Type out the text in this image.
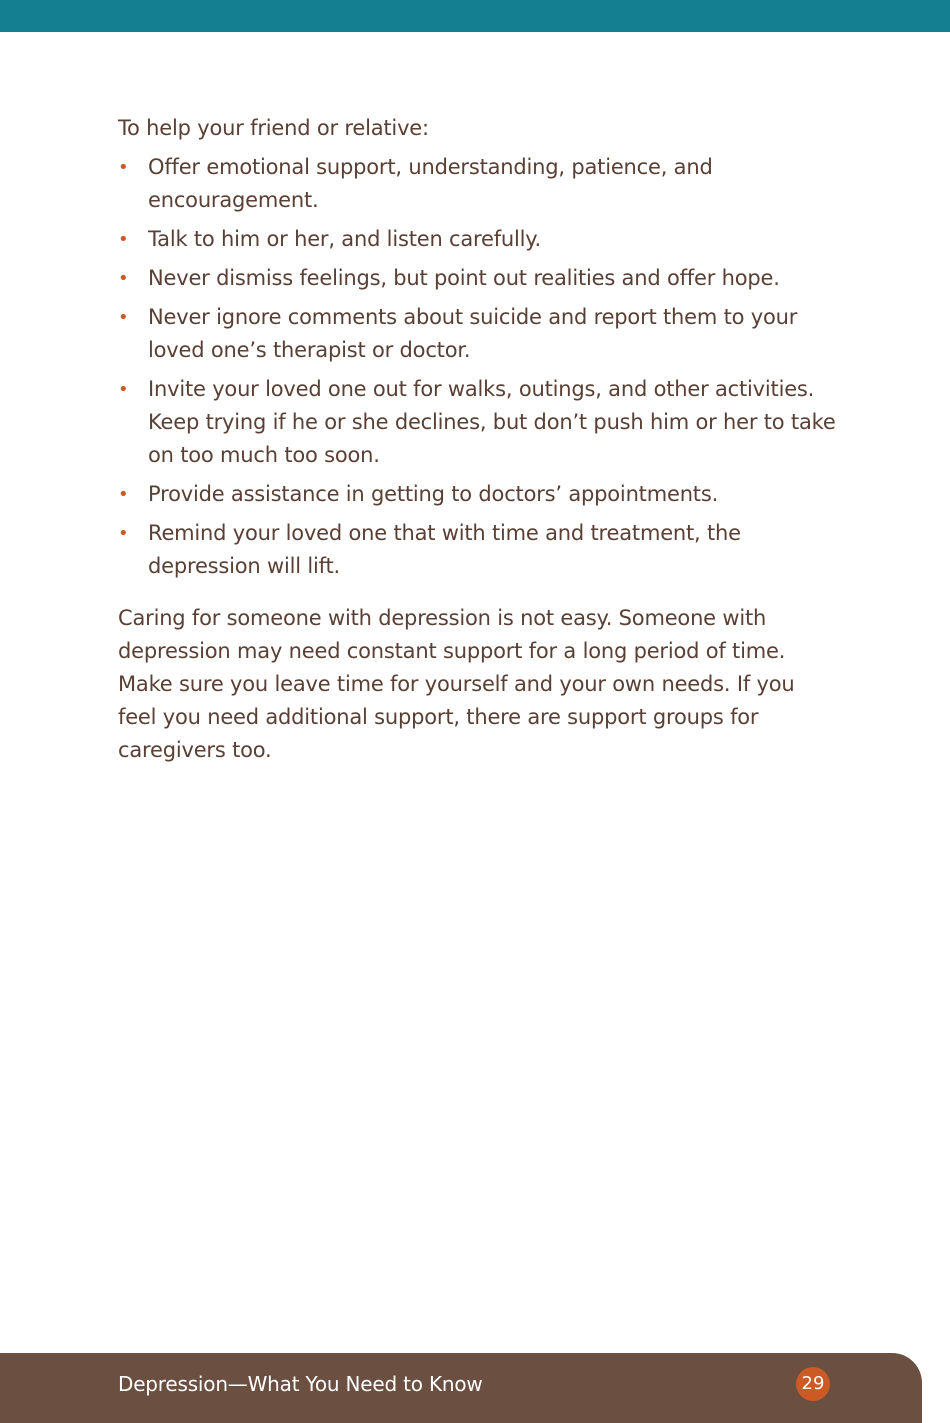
To help your friend or relative:

• Offer emotional support, understanding, patience, and encouragement.
• Talk to him or her, and listen carefully.
• Never dismiss feelings, but point out realities and offer hope.
• Never ignore comments about suicide and report them to your loved one’s therapist or doctor.
• Invite your loved one out for walks, outings, and other activities. Keep trying if he or she declines, but don’t push him or her to take on too much too soon.
• Provide assistance in getting to doctors’ appointments.
• Remind your loved one that with time and treatment, the depression will lift.

Caring for someone with depression is not easy. Someone with depression may need constant support for a long period of time. Make sure you leave time for yourself and your own needs. If you feel you need additional support, there are support groups for caregivers too.

Depression—What You Need to Know	29
